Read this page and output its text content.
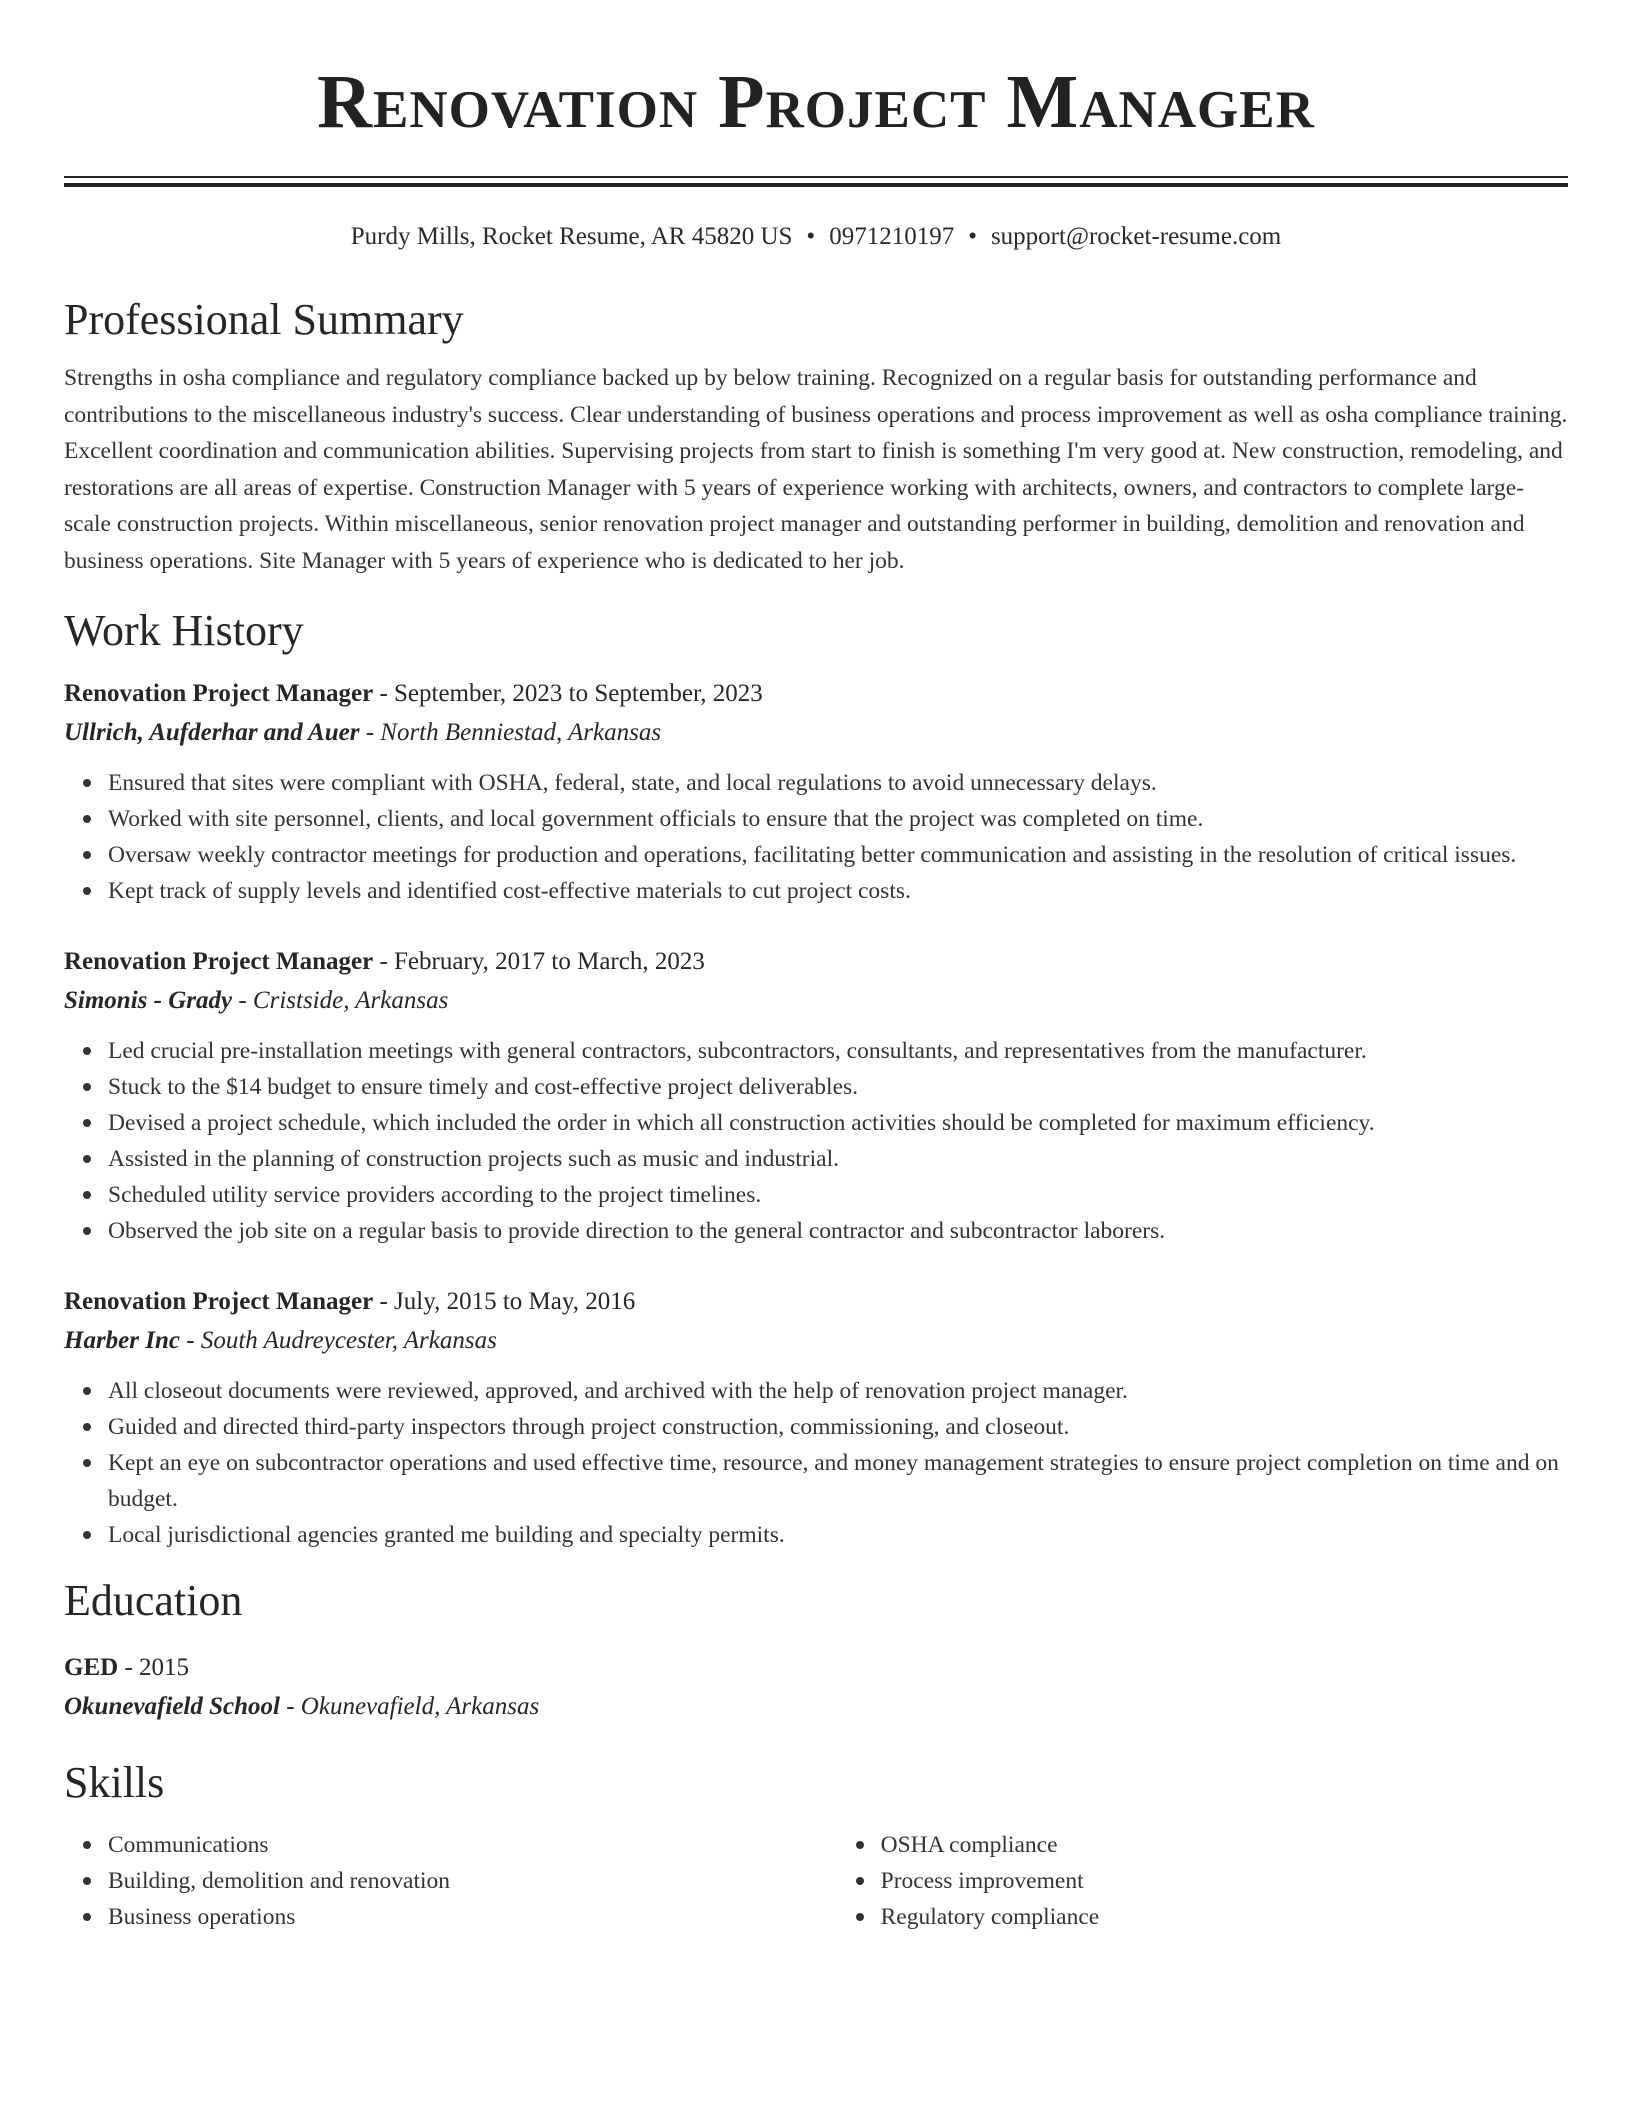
Renovation Project Manager
Purdy Mills, Rocket Resume, AR 45820 US • 0971210197 • support@rocket-resume.com
Professional Summary

Strengths in osha compliance and regulatory compliance backed up by below training. Recognized on a regular basis for outstanding performance and contributions to the miscellaneous industry's success. Clear understanding of business operations and process improvement as well as osha compliance training. Excellent coordination and communication abilities. Supervising projects from start to finish is something I'm very good at. New construction, remodeling, and restorations are all areas of expertise. Construction Manager with 5 years of experience working with architects, owners, and contractors to complete large-scale construction projects. Within miscellaneous, senior renovation project manager and outstanding performer in building, demolition and renovation and business operations. Site Manager with 5 years of experience who is dedicated to her job.

Work History
Renovation Project Manager - September, 2023 to September, 2023
Ullrich, Aufderhar and Auer - North Benniestad, Arkansas
Ensured that sites were compliant with OSHA, federal, state, and local regulations to avoid unnecessary delays.
Worked with site personnel, clients, and local government officials to ensure that the project was completed on time.
Oversaw weekly contractor meetings for production and operations, facilitating better communication and assisting in the resolution of critical issues.
Kept track of supply levels and identified cost-effective materials to cut project costs.
Renovation Project Manager - February, 2017 to March, 2023
Simonis - Grady - Cristside, Arkansas
Led crucial pre-installation meetings with general contractors, subcontractors, consultants, and representatives from the manufacturer.
Stuck to the $14 budget to ensure timely and cost-effective project deliverables.
Devised a project schedule, which included the order in which all construction activities should be completed for maximum efficiency.
Assisted in the planning of construction projects such as music and industrial.
Scheduled utility service providers according to the project timelines.
Observed the job site on a regular basis to provide direction to the general contractor and subcontractor laborers.
Renovation Project Manager - July, 2015 to May, 2016
Harber Inc - South Audreycester, Arkansas
All closeout documents were reviewed, approved, and archived with the help of renovation project manager.
Guided and directed third-party inspectors through project construction, commissioning, and closeout.
Kept an eye on subcontractor operations and used effective time, resource, and money management strategies to ensure project completion on time and on budget.
Local jurisdictional agencies granted me building and specialty permits.
Education
GED - 2015
Okunevafield School - Okunevafield, Arkansas
Skills
Communications
Building, demolition and renovation
Business operations
OSHA compliance
Process improvement
Regulatory compliance
